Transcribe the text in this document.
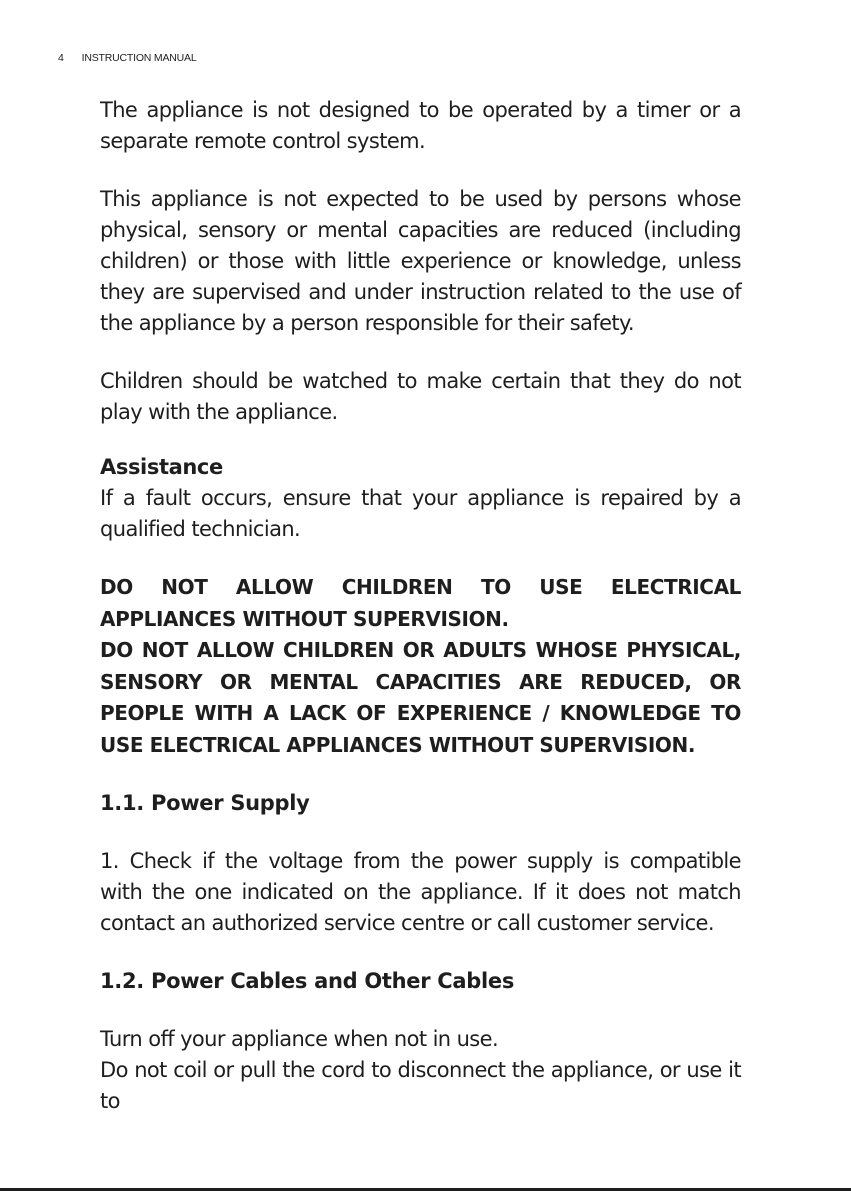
4 INSTRUCTION MANUAL

The appliance is not designed to be operated by a timer or a separate remote control system.

This appliance is not expected to be used by persons whose physical, sensory or mental capacities are reduced (including children) or those with little experience or knowledge, unless they are supervised and under instruction related to the use of the appliance by a person responsible for their safety.

Children should be watched to make certain that they do not play with the appliance.

Assistance

If a fault occurs, ensure that your appliance is repaired by a qualified technician.

DO NOT ALLOW CHILDREN TO USE ELECTRICAL APPLIANCES WITHOUT SUPERVISION.

DO NOT ALLOW CHILDREN OR ADULTS WHOSE PHYSICAL, SENSORY OR MENTAL CAPACITIES ARE REDUCED, OR PEOPLE WITH A LACK OF EXPERIENCE / KNOWLEDGE TO USE ELECTRICAL APPLIANCES WITHOUT SUPERVISION.

1.1. Power Supply

1. Check if the voltage from the power supply is compatible with the one indicated on the appliance. If it does not match contact an authorized service centre or call customer service.

1.2. Power Cables and Other Cables

Turn off your appliance when not in use.

Do not coil or pull the cord to disconnect the appliance, or use it to
